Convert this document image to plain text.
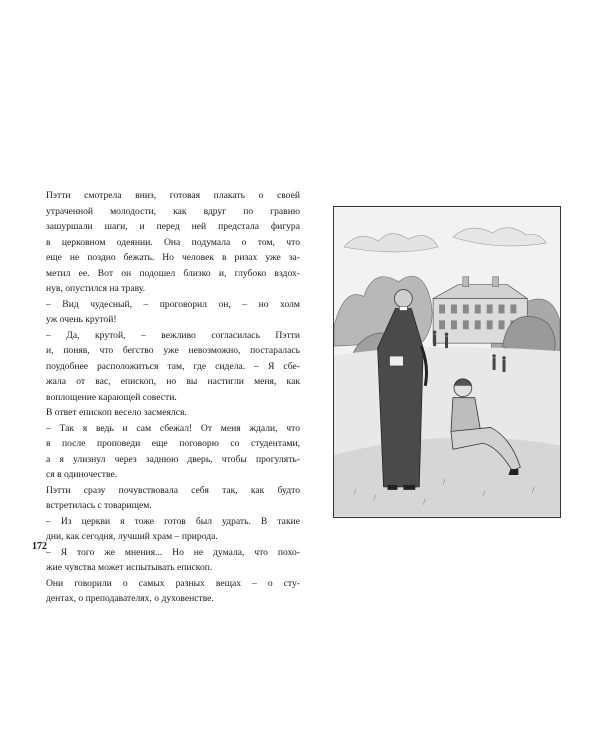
Пэтти смотрела вниз, готовая плакать о своей
утраченной молодости, как вдруг по гравию
зашуршали шаги, и перед ней предстала фигура
в церковном одеянии. Она подумала о том, что
еще не поздно бежать. Но человек в ризах уже за-
метил ее. Вот он подошел близко и, глубоко вздох-
нув, опустился на траву.

– Вид чудесный, – проговорил он, – но холм
уж очень крутой!

– Да, крутой, – вежливо согласилась Пэтти
и, поняв, что бегство уже невозможно, постаралась
поудобнее расположиться там, где сидела. – Я сбе-
жала от вас, епископ, но вы настигли меня, как
воплощение карающей совести.

В ответ епископ весело засмеялся.

– Так я ведь и сам сбежал! От меня ждали, что
я после проповеди еще поговорю со студентами,
а я улизнул через заднюю дверь, чтобы прогулять-
ся в одиночестве.

Пэтти сразу почувствовала себя так, как будто
встретилась с товарищем.

– Из церкви я тоже готов был удрать. В такие
дни, как сегодня, лучший храм – природа.

– Я того же мнения... Но не думала, что похо-
жие чувства может испытывать епископ.

Они говорили о самых разных вещах – о сту-
дентах, о преподавателях, о духовенстве.

172
